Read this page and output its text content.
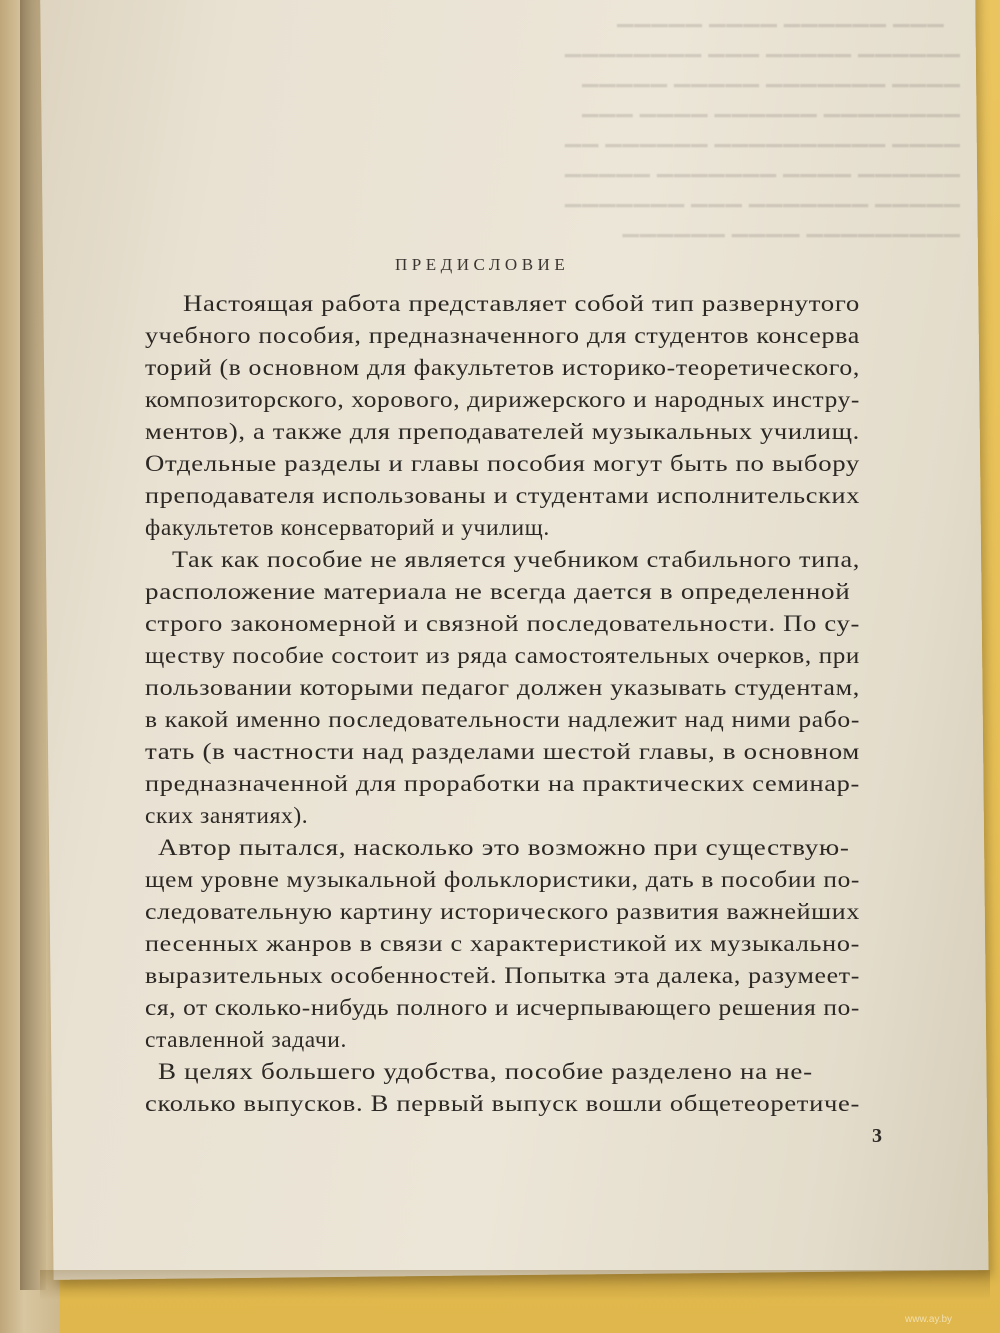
⠀▁▁▁ ▁▁▁▁▁▁ ▁▁▁▁ ▁▁▁▁▁
▁▁▁▁▁▁ ▁▁▁▁▁ ▁▁▁ ▁▁▁▁▁▁▁▁
▁▁▁▁ ▁▁▁▁▁▁▁ ▁▁▁▁▁ ▁▁▁▁▁
▁▁▁▁▁▁▁▁ ▁▁▁▁▁▁ ▁▁▁▁ ▁▁▁
▁▁▁▁ ▁▁▁▁▁▁▁▁▁▁ ▁▁▁▁▁▁ ▁▁
▁▁▁▁▁▁ ▁▁▁▁ ▁▁▁▁▁▁▁ ▁▁▁▁▁
▁▁▁▁▁ ▁▁▁▁▁▁▁ ▁▁▁ ▁▁▁▁▁▁▁
▁▁▁▁▁▁▁▁▁ ▁▁▁▁ ▁▁▁▁▁▁
ПРЕДИСЛОВИЕ
Настоящая работа представляет собой тип развернутого
учебного пособия, предназначенного для студентов консерва
торий (в основном для факультетов историко-теоретического,
композиторского, хорового, дирижерского и народных инстру-
ментов), а также для преподавателей музыкальных училищ.
Отдельные разделы и главы пособия могут быть по выбору
преподавателя использованы и студентами исполнительских
факультетов консерваторий и училищ.
Так как пособие не является учебником стабильного типа,
расположение материала не всегда дается в определенной
строго закономерной и связной последовательности. По су-
ществу пособие состоит из ряда самостоятельных очерков, при
пользовании которыми педагог должен указывать студентам,
в какой именно последовательности надлежит над ними рабо-
тать (в частности над разделами шестой главы, в основном
предназначенной для проработки на практических семинар-
ских занятиях).
Автор пытался, насколько это возможно при существую-
щем уровне музыкальной фольклористики, дать в пособии по-
следовательную картину исторического развития важнейших
песенных жанров в связи с характеристикой их музыкально-
выразительных особенностей. Попытка эта далека, разумеет-
ся, от сколько-нибудь полного и исчерпывающего решения по-
ставленной задачи.
В целях большего удобства, пособие разделено на не-
сколько выпусков. В первый выпуск вошли общетеоретиче-
3
www.ay.by
